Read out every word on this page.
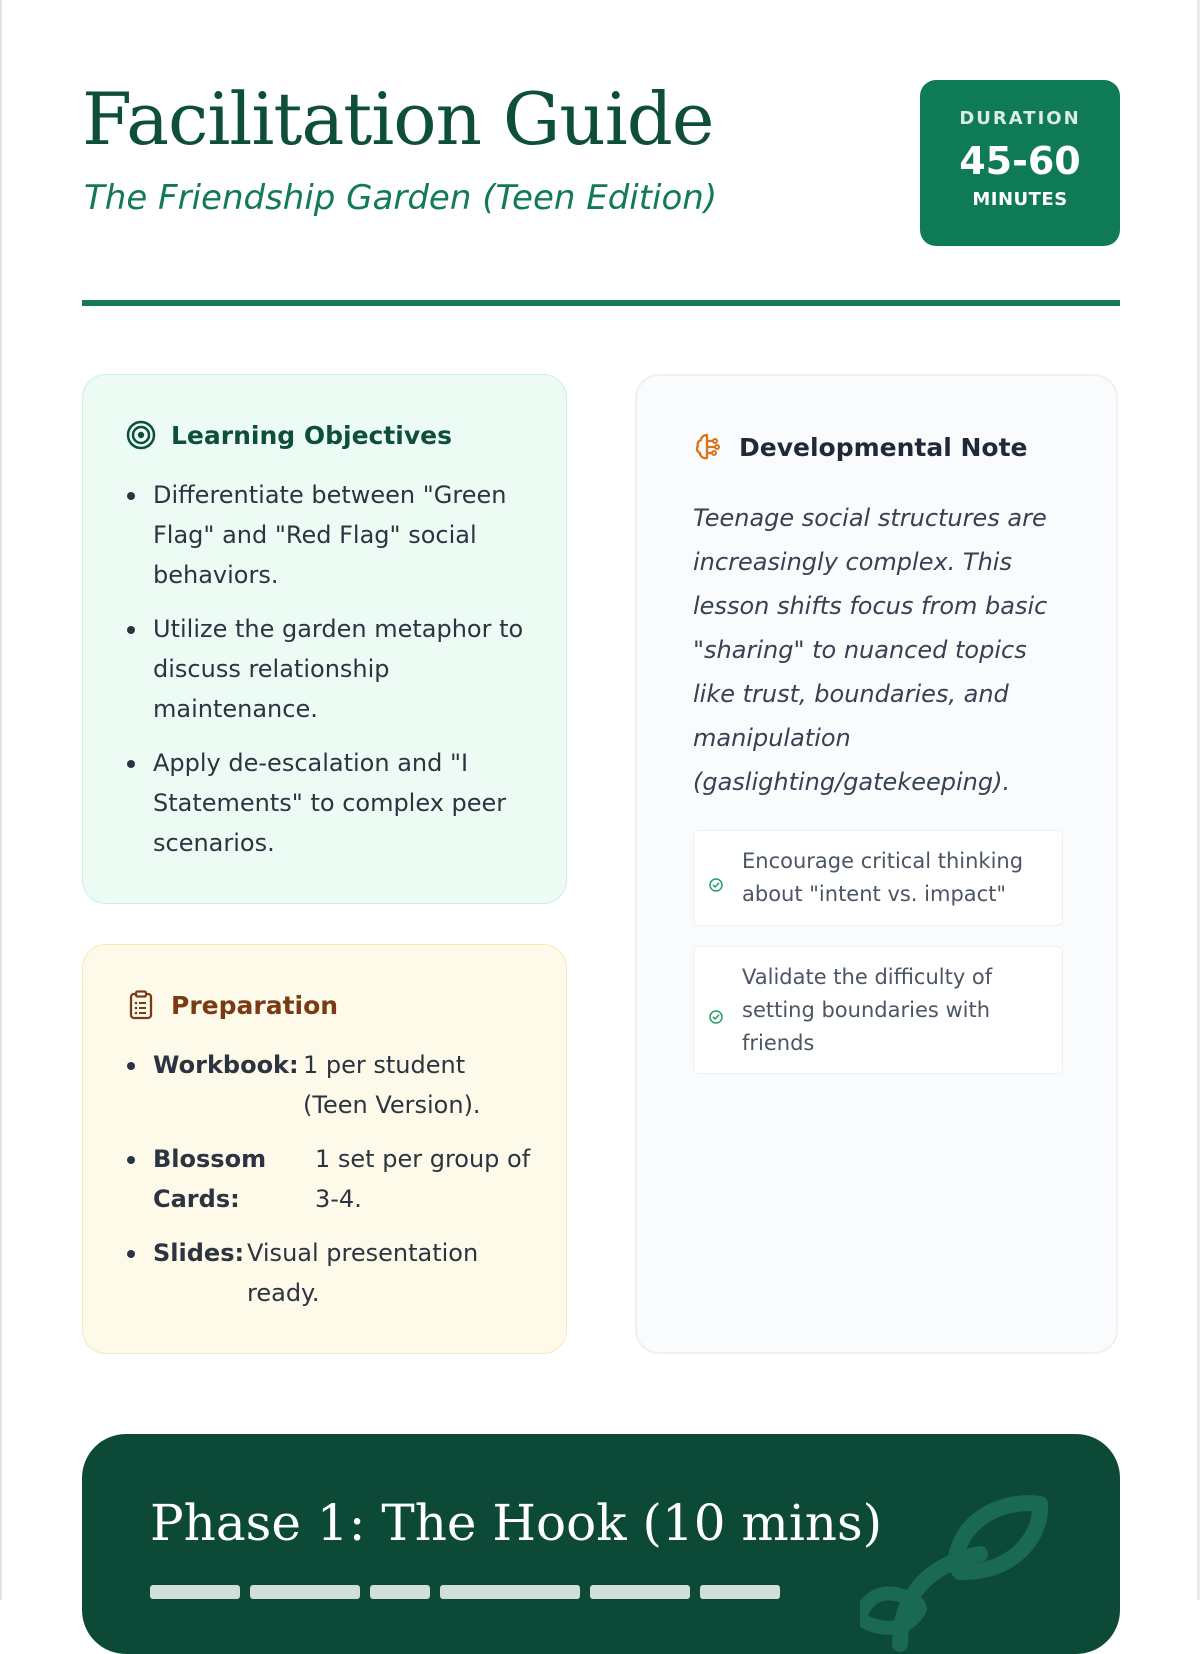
Facilitation Guide
The Friendship Garden (Teen Edition)
DURATION
45-60
MINUTES
Learning Objectives
Differentiate between "Green Flag" and "Red Flag" social behaviors.
Utilize the garden metaphor to discuss relationship maintenance.
Apply de-escalation and "I Statements" to complex peer scenarios.
Preparation
Workbook: 1 per student (Teen Version).
Blossom Cards:
1 set per group of 3-4.
Slides: Visual presentation ready.
Developmental Note
Teenage social structures are increasingly complex. This lesson shifts focus from basic "sharing" to nuanced topics like trust, boundaries, and manipulation (gaslighting/gatekeeping).
Encourage critical thinking about "intent vs. impact"
Validate the difficulty of setting boundaries with friends
Phase 1: The Hook (10 mins)
